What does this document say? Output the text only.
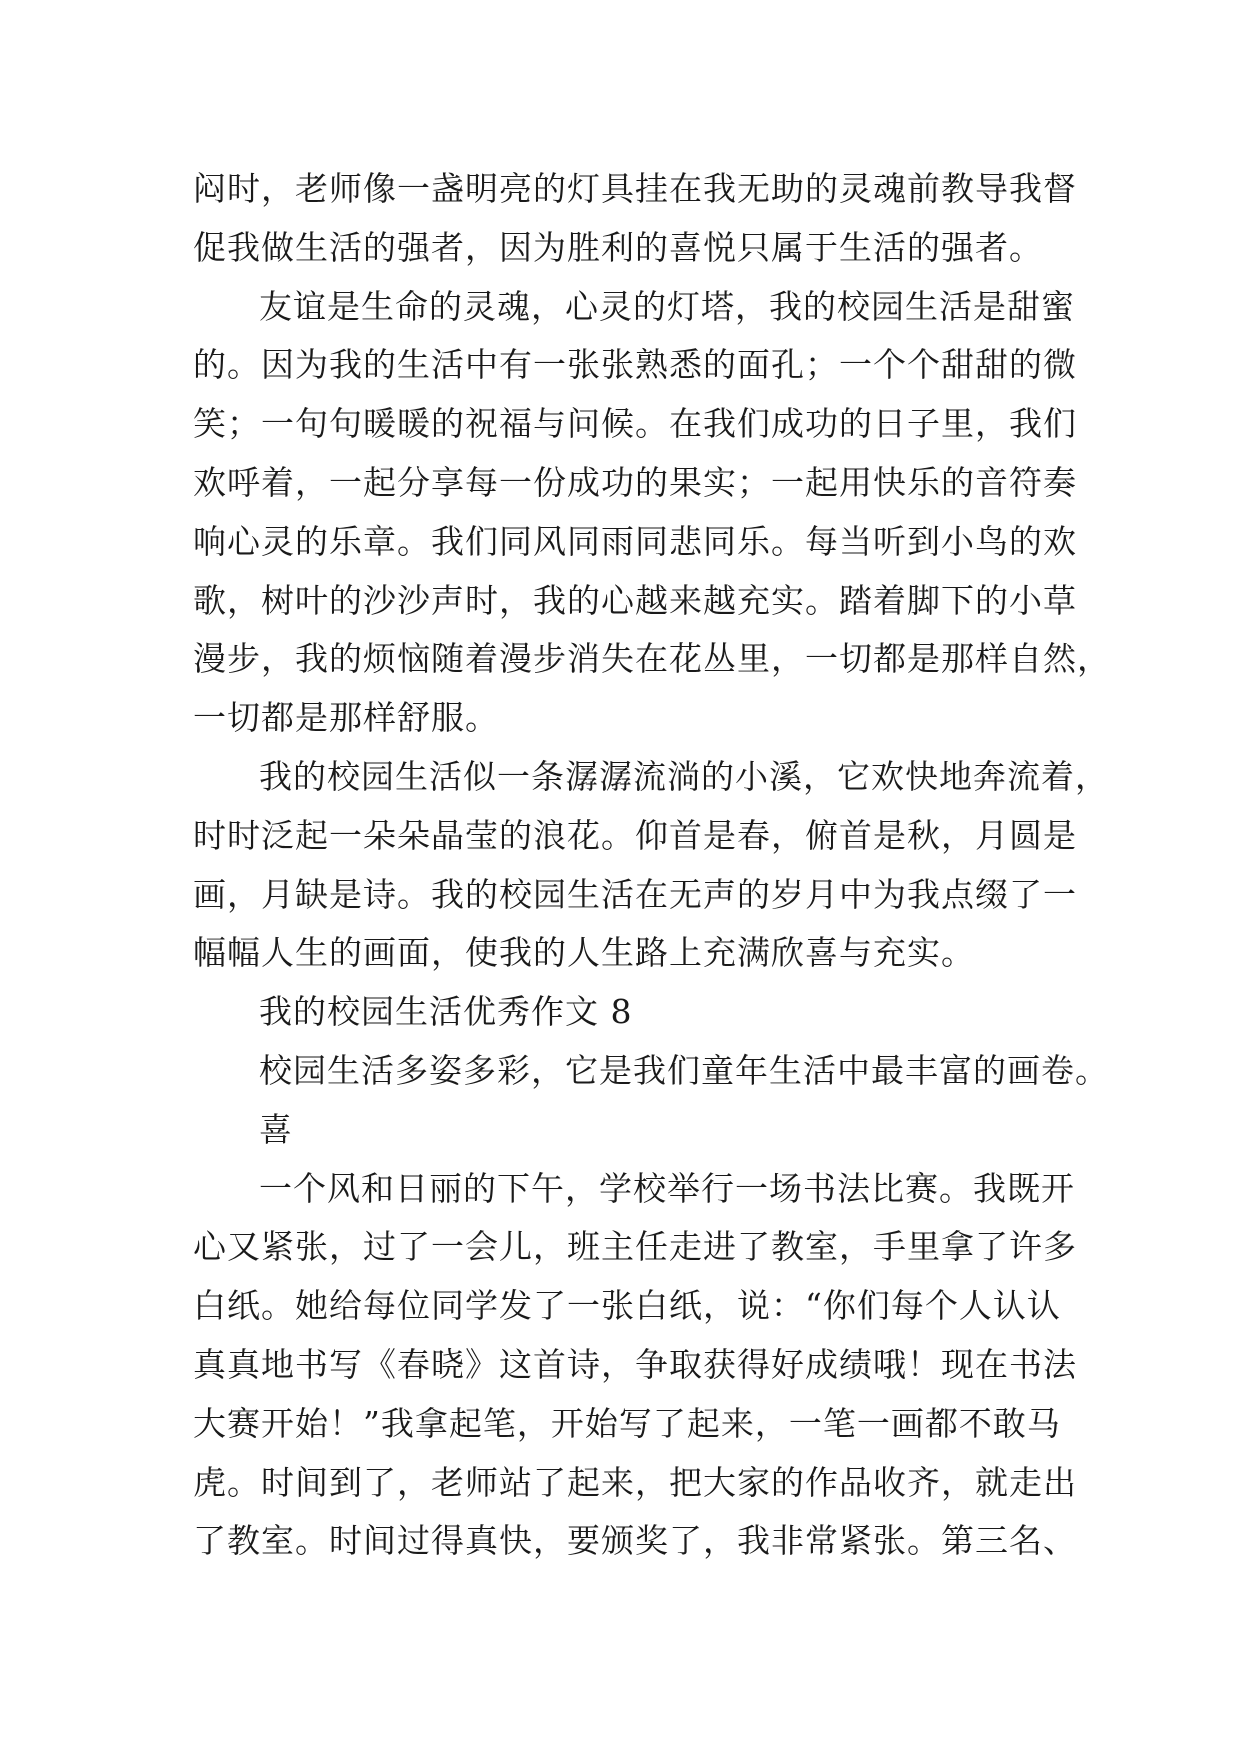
闷时，老师像一盏明亮的灯具挂在我无助的灵魂前教导我督
促我做生活的强者，因为胜利的喜悦只属于生活的强者。
友谊是生命的灵魂，心灵的灯塔，我的校园生活是甜蜜
的。因为我的生活中有一张张熟悉的面孔；一个个甜甜的微
笑；一句句暖暖的祝福与问候。在我们成功的日子里，我们
欢呼着，一起分享每一份成功的果实；一起用快乐的音符奏
响心灵的乐章。我们同风同雨同悲同乐。每当听到小鸟的欢
歌，树叶的沙沙声时，我的心越来越充实。踏着脚下的小草
漫步，我的烦恼随着漫步消失在花丛里，一切都是那样自然，
一切都是那样舒服。
我的校园生活似一条潺潺流淌的小溪，它欢快地奔流着，
时时泛起一朵朵晶莹的浪花。仰首是春，俯首是秋，月圆是
画，月缺是诗。我的校园生活在无声的岁月中为我点缀了一
幅幅人生的画面，使我的人生路上充满欣喜与充实。
我的校园生活优秀作文 8
校园生活多姿多彩，它是我们童年生活中最丰富的画卷。
喜
一个风和日丽的下午，学校举行一场书法比赛。我既开
心又紧张，过了一会儿，班主任走进了教室，手里拿了许多
白纸。她给每位同学发了一张白纸，说：“你们每个人认认
真真地书写《春晓》这首诗，争取获得好成绩哦！现在书法
大赛开始！”我拿起笔，开始写了起来，一笔一画都不敢马
虎。时间到了，老师站了起来，把大家的作品收齐，就走出
了教室。时间过得真快，要颁奖了，我非常紧张。第三名、
